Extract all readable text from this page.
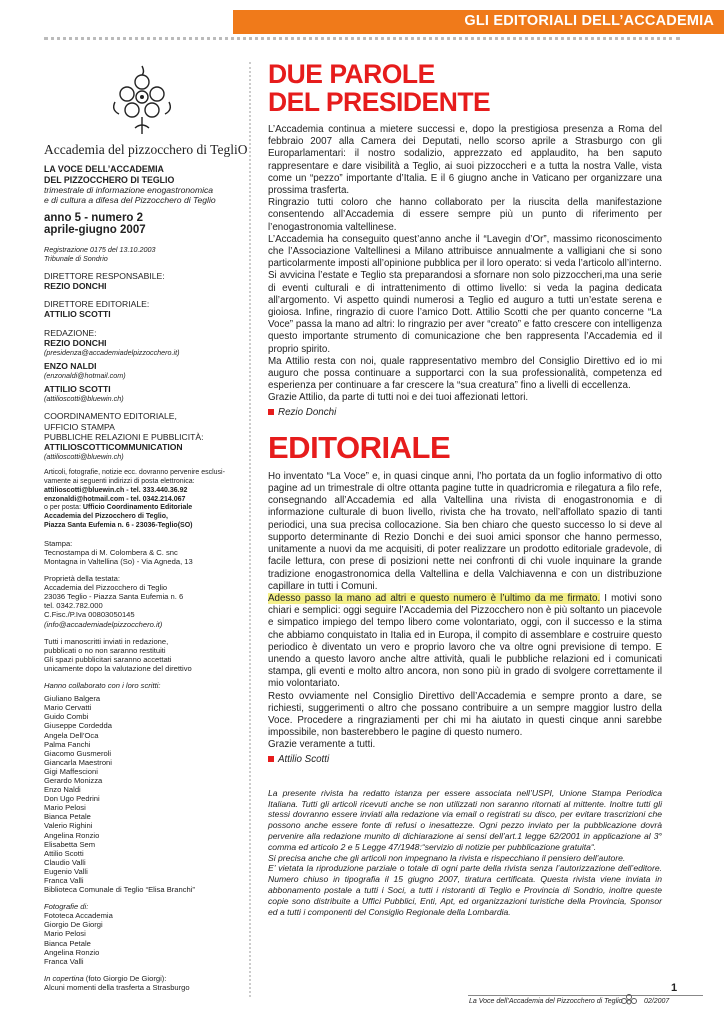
GLI EDITORIALI DELL’ACCADEMIA
Accademia del pizzocchero di TegliO
LA VOCE DELL’ACCADEMIA
DEL PIZZOCCHERO DI TEGLIO
trimestrale di informazione enogastronomica
e di cultura a difesa del Pizzocchero di Teglio
anno 5 - numero 2
aprile-giugno 2007
Registrazione 0175 del 13.10.2003
Tribunale di Sondrio
DIRETTORE RESPONSABILE:
REZIO DONCHI
DIRETTORE EDITORIALE:
ATTILIO SCOTTI
REDAZIONE:
REZIO DONCHI
(presidenza@accademiadelpizzocchero.it)
ENZO NALDI
(enzonaldi@hotmail.com)
ATTILIO SCOTTI
(attilioscotti@bluewin.ch)
COORDINAMENTO EDITORIALE,
UFFICIO STAMPA
PUBBLICHE RELAZIONI E PUBBLICITÀ:
ATTILIOSCOTTICOMMUNICATION
(attilioscotti@bluewin.ch)
Articoli, fotografie, notizie ecc. dovranno pervenire esclusi-
vamente ai seguenti indirizzi di posta elettronica:
attilioscotti@bluewin.ch - tel. 333.440.36.92
enzonaldi@hotmail.com - tel. 0342.214.067
o per posta: Ufficio Coordinamento Editoriale
Accademia del Pizzocchero di Teglio,
Piazza Santa Eufemia n. 6 - 23036-Teglio(SO)
Stampa:
Tecnostampa di M. Colombera & C. snc
Montagna in Valtellina (So) - Via Agneda, 13
Proprietà della testata:
Accademia del Pizzocchero di Teglio
23036 Teglio - Piazza Santa Eufemia n. 6
tel. 0342.782.000
C.Fisc./P.Iva 00803050145
(info@accademiadelpizzocchero.it)
Tutti i manoscritti inviati in redazione,
pubblicati o no non saranno restituiti
Gli spazi pubblicitari saranno accettati
unicamente dopo la valutazione del direttivo
Hanno collaborato con i loro scritti:
Giuliano Balgera
Mario Cervatti
Guido Combi
Giuseppe Cordedda
Angela Dell’Oca
Palma Fanchi
Giacomo Gusmeroli
Giancarla Maestroni
Gigi Maffescioni
Gerardo Monizza
Enzo Naldi
Don Ugo Pedrini
Mario Pelosi
Bianca Petale
Valerio Righini
Angelina Ronzio
Elisabetta Sem
Attilio Scotti
Claudio Valli
Eugenio Valli
Franca Valli
Biblioteca Comunale di Teglio “Elisa Branchi”
Fotografie di:
Fototeca Accademia
Giorgio De Giorgi
Mario Pelosi
Bianca Petale
Angelina Ronzio
Franca Valli
In copertina (foto Giorgio De Giorgi):
Alcuni momenti della trasferta a Strasburgo
DUE PAROLE
DEL PRESIDENTE
L’Accademia continua a mietere successi e, dopo la prestigiosa presenza a Roma del febbraio 2007 alla Camera dei Deputati, nello scorso aprile a Strasburgo con gli Europarlamentari: il nostro sodalizio, apprezzato ed applaudito, ha ben saputo rappresentare e dare visibilità a Teglio, ai suoi pizzoccheri e a tutta la nostra Valle, vista come un “pezzo” importante d’Italia. E il 6 giugno anche in Vaticano per organizzare una prossima trasferta.
Ringrazio tutti coloro che hanno collaborato per la riuscita della manifestazione consentendo all’Accademia di essere sempre più un punto di riferimento per l’enogastronomia valtellinese.
L’Accademia ha conseguito quest’anno anche il “Lavegin d’Or”, massimo riconoscimento che l’Associazione Valtellinesi a Milano attribuisce annualmente a valligiani che si sono particolarmente imposti all’opinione pubblica per il loro operato: si veda l’articolo all’interno.
Si avvicina l’estate e Teglio sta preparandosi a sfornare non solo pizzoccheri,ma una serie di eventi culturali e di intrattenimento di ottimo livello: si veda la pagina dedicata all’argomento. Vi aspetto quindi numerosi a Teglio ed auguro a tutti un’estate serena e gioiosa. Infine, ringrazio di cuore l’amico Dott. Attilio Scotti che per quanto concerne “La Voce” passa la mano ad altri: lo ringrazio per aver “creato” e fatto crescere con intelligenza questo importante strumento di comunicazione che ben rappresenta l’Accademia ed il proprio spirito.
Ma Attilio resta con noi, quale rappresentativo membro del Consiglio Direttivo ed io mi auguro che possa continuare a supportarci con la sua professionalità, competenza ed esperienza per continuare a far crescere la “sua creatura” fino a livelli di eccellenza.
Grazie Attilio, da parte di tutti noi e dei tuoi affezionati lettori.
Rezio Donchi
EDITORIALE
Ho inventato “La Voce” e, in quasi cinque anni, l’ho portata da un foglio informativo di otto pagine ad un trimestrale di oltre ottanta pagine tutte in quadricromia e rilegatura a filo refe, consegnando all’Accademia ed alla Valtellina una rivista di enogastronomia e di informazione culturale di buon livello, rivista che ha trovato, nell’affollato spazio di tanti periodici, una sua precisa collocazione. Sia ben chiaro che questo successo lo si deve al supporto determinante di Rezio Donchi e dei suoi amici sponsor che hanno permesso, unitamente a nuovi da me acquisiti, di poter realizzare un prodotto editoriale gradevole, di facile lettura, con prese di posizioni nette nei confronti di chi vuole inquinare la grande tradizione enogastronomica della Valtellina e della Valchiavenna e con un distribuzione capillare in tutti i Comuni.
Adesso passo la mano ad altri e questo numero è l’ultimo da me firmato. I motivi sono chiari e semplici: oggi seguire l’Accademia del Pizzocchero non è più soltanto un piacevole e simpatico impiego del tempo libero come volontariato, oggi, con il successo e la stima che abbiamo conquistato in Italia ed in Europa, il compito di assemblare e costruire questo periodico è diventato un vero e proprio lavoro che va oltre ogni previsione di tempo. E unendo a questo lavoro anche altre attività, quali le pubbliche relazioni ed i comunicati stampa, gli eventi e molto altro ancora, non sono più in grado di svolgere correttamente il mio volontariato.
Resto ovviamente nel Consiglio Direttivo dell’Accademia e sempre pronto a dare, se richiesti, suggerimenti o altro che possano contribuire a un sempre maggior lustro della Voce. Procedere a ringraziamenti per chi mi ha aiutato in questi cinque anni sarebbe impossibile, non basterebbero le pagine di questo numero.
Grazie veramente a tutti.
Attilio Scotti
La presente rivista ha redatto istanza per essere associata nell’USPI, Unione Stampa Periodica Italiana. Tutti gli articoli ricevuti anche se non utilizzati non saranno ritornati al mittente. Inoltre tutti gli stessi dovranno essere inviati alla redazione via email o registrati su disco, per evitare trascrizioni che possono anche essere fonte di refusi o inesattezze. Ogni pezzo inviato per la pubblicazione dovrà pervenire alla redazione munito di dichiarazione ai sensi dell’art.1 legge 62/2001 in applicazione al 3° comma ed articolo 2 e 5 Legge 47/1948:“servizio di notizie per pubblicazione gratuita“.
Si precisa anche che gli articoli non impegnano la rivista e rispecchiano il pensiero dell’autore.
E’ vietata la riproduzione parziale o totale di ogni parte della rivista senza l’autorizzazione dell’editore. Numero chiuso in tipografia il 15 giugno 2007, tiratura certificata. Questa rivista viene inviata in abbonamento postale a tutti i Soci, a tutti i ristoranti di Teglio e Provincia di Sondrio, inoltre queste copie sono distribuite a Uffici Pubblici, Enti, Apt, ed organizzazioni turistiche della Provincia, Sponsor ed a tutti i componenti del Consiglio Regionale della Lombardia.
1
La Voce dell’Accademia del Pizzocchero di Teglio	02/2007
